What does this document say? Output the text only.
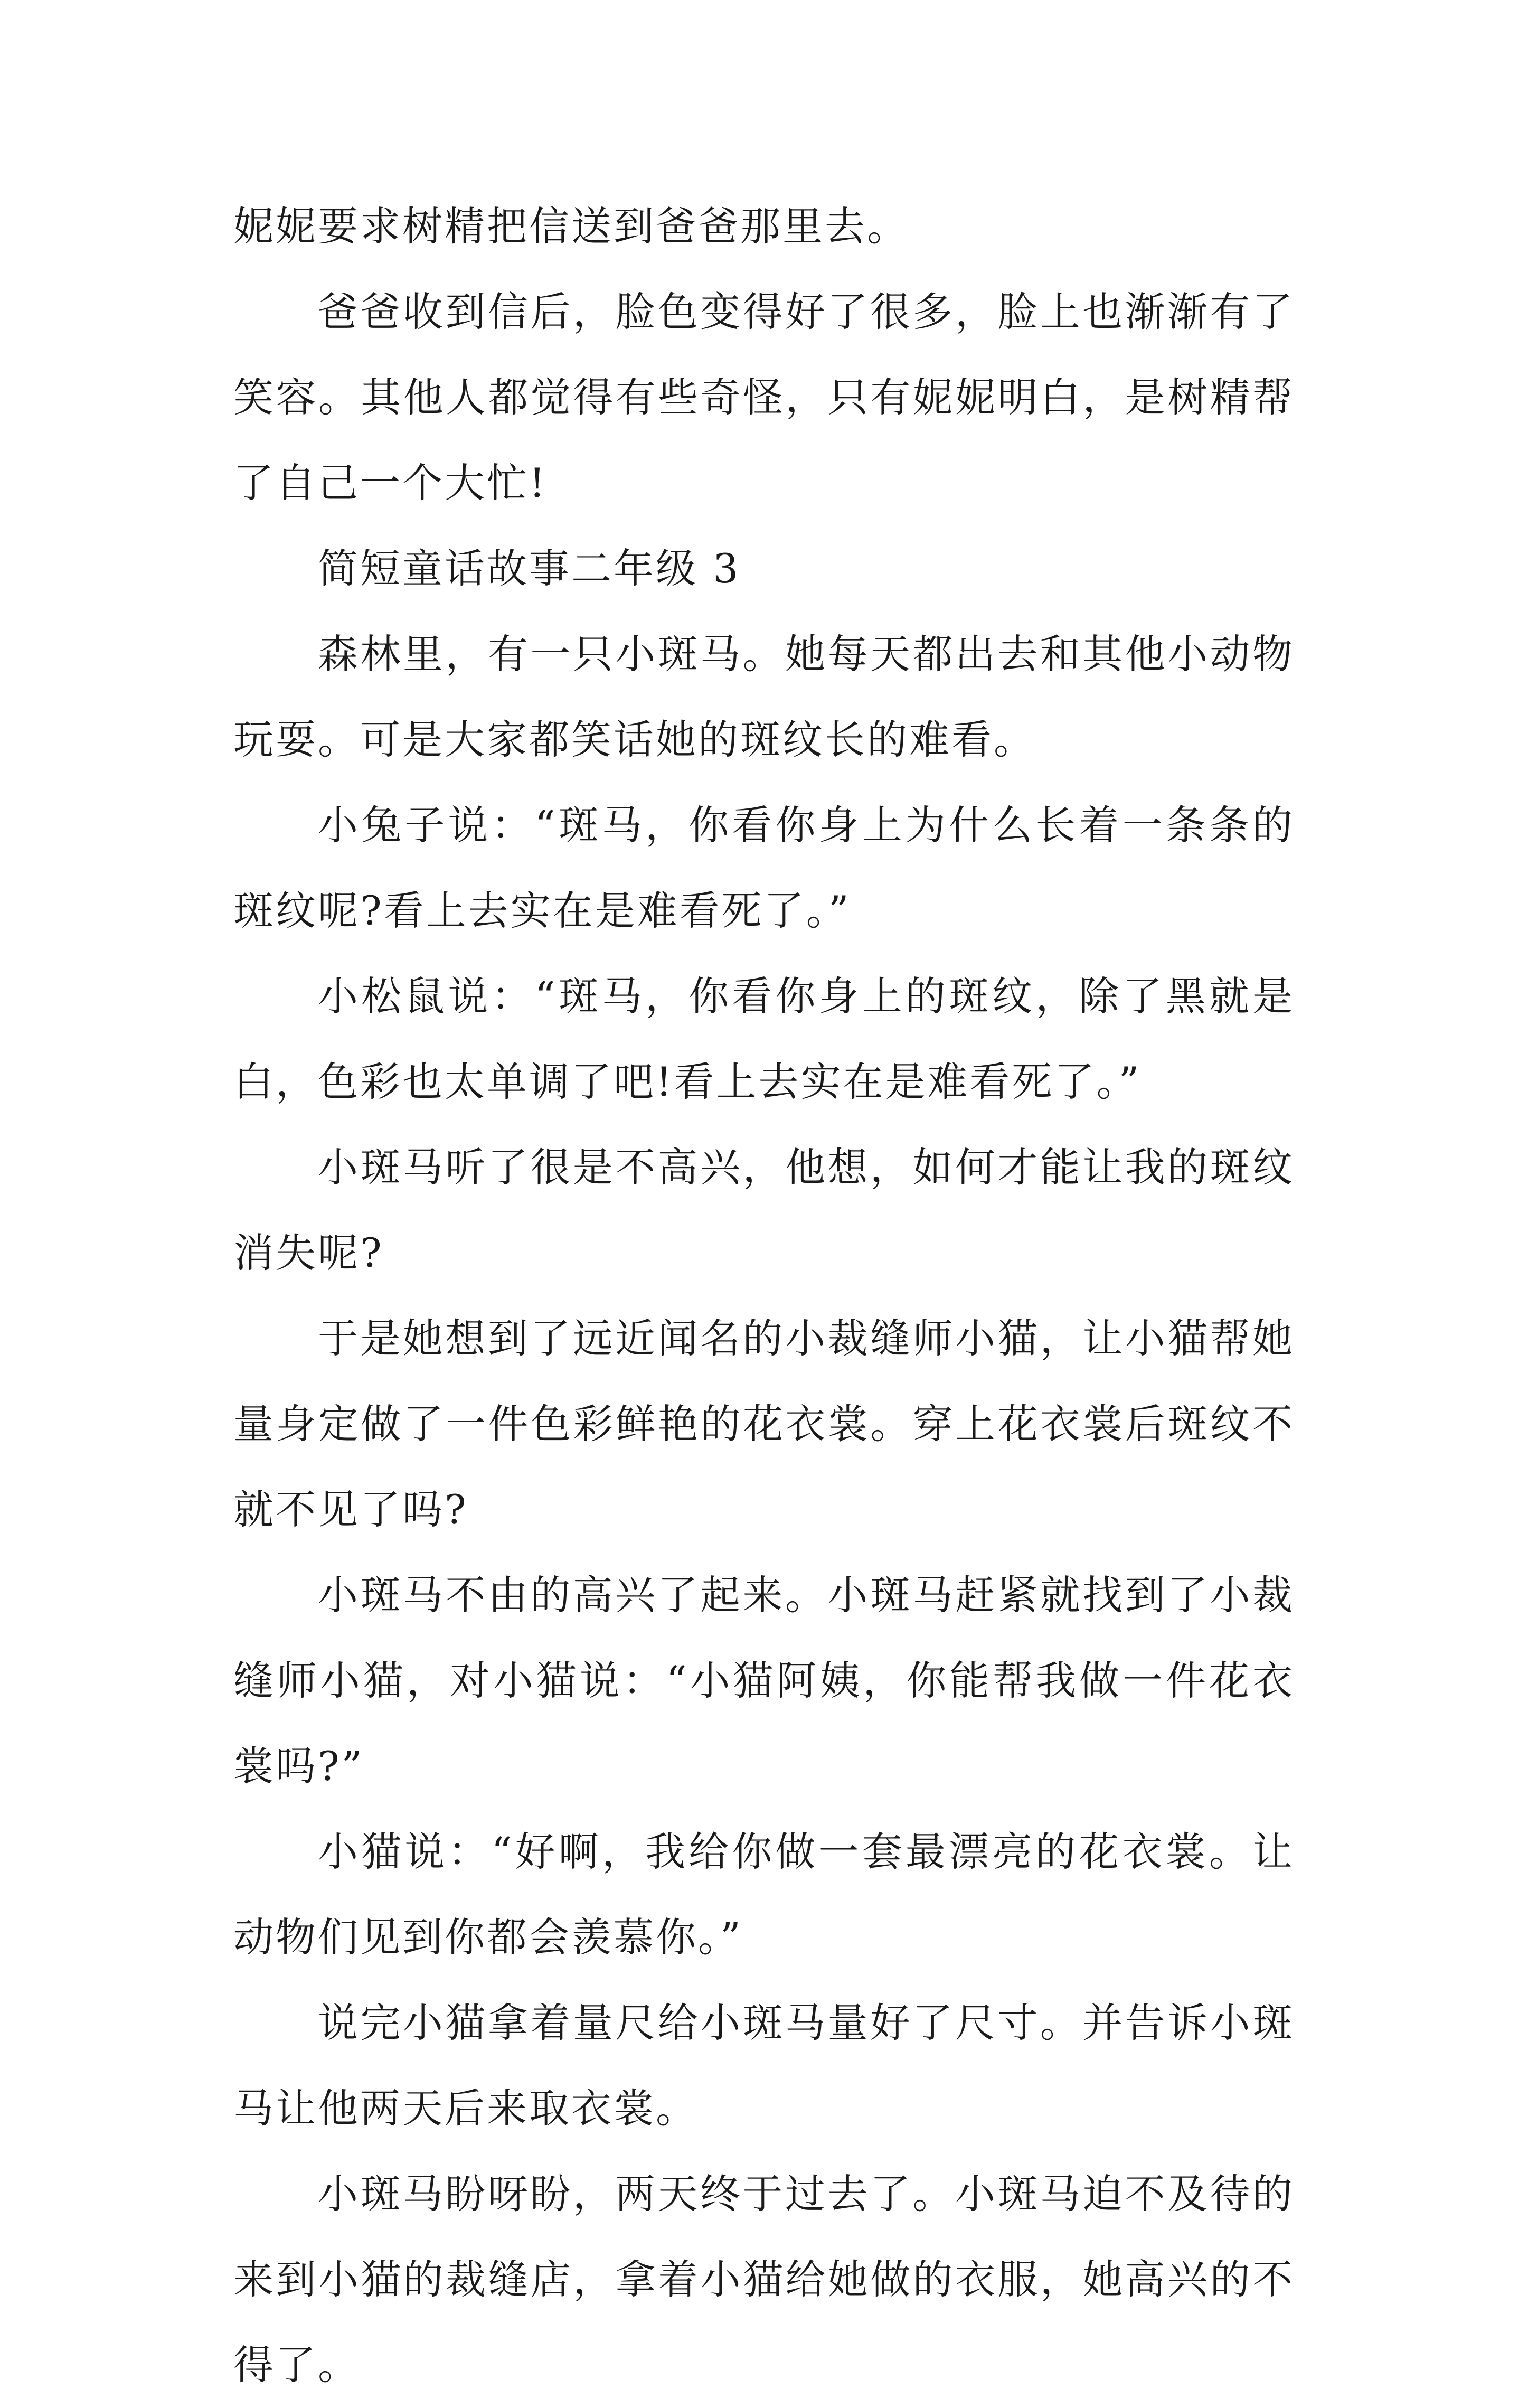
妮妮要求树精把信送到爸爸那里去。

爸爸收到信后，脸色变得好了很多，脸上也渐渐有了笑容。其他人都觉得有些奇怪，只有妮妮明白，是树精帮了自己一个大忙!

简短童话故事二年级 3

森林里，有一只小斑马。她每天都出去和其他小动物玩耍。可是大家都笑话她的斑纹长的难看。

小兔子说：“斑马，你看你身上为什么长着一条条的斑纹呢?看上去实在是难看死了。”

小松鼠说：“斑马，你看你身上的斑纹，除了黑就是白，色彩也太单调了吧!看上去实在是难看死了。”

小斑马听了很是不高兴，他想，如何才能让我的斑纹消失呢?

于是她想到了远近闻名的小裁缝师小猫，让小猫帮她量身定做了一件色彩鲜艳的花衣裳。穿上花衣裳后斑纹不就不见了吗?

小斑马不由的高兴了起来。小斑马赶紧就找到了小裁缝师小猫，对小猫说：“小猫阿姨，你能帮我做一件花衣裳吗?”

小猫说：“好啊，我给你做一套最漂亮的花衣裳。让动物们见到你都会羡慕你。”

说完小猫拿着量尺给小斑马量好了尺寸。并告诉小斑马让他两天后来取衣裳。

小斑马盼呀盼，两天终于过去了。小斑马迫不及待的来到小猫的裁缝店，拿着小猫给她做的衣服，她高兴的不得了。
